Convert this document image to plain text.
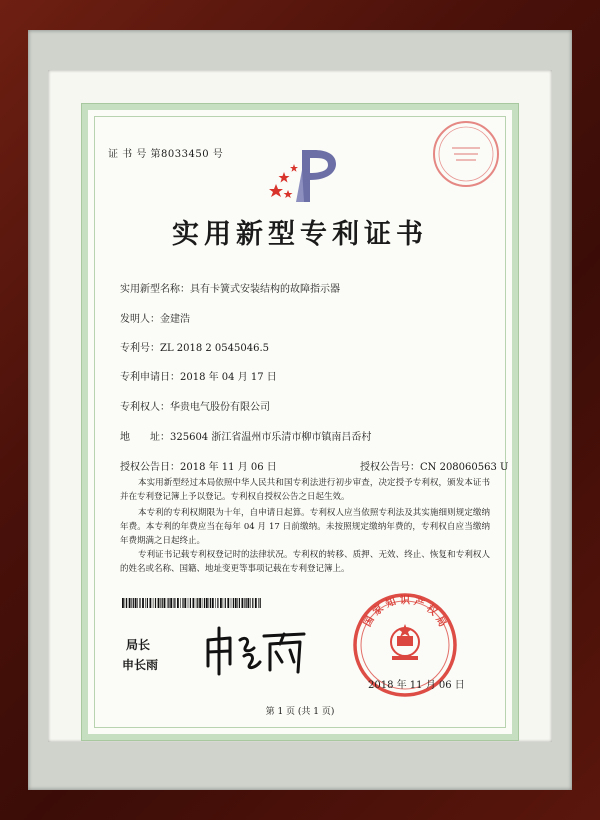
证 书 号 第8033450 号
实用新型专利证书
实用新型名称：具有卡簧式安装结构的故障指示器
发明人：金建浩
专利号：ZL 2018 2 0545046.5
专利申请日：2018 年 04 月 17 日
专利权人：华贵电气股份有限公司
地　　址：325604 浙江省温州市乐清市柳市镇南吕岙村
授权公告日：2018 年 11 月 06 日	授权公告号：CN 208060563 U

本实用新型经过本局依照中华人民共和国专利法进行初步审查，决定授予专利权，颁发本证书并在专利登记簿上予以登记。专利权自授权公告之日起生效。

本专利的专利权期限为十年，自申请日起算。专利权人应当依照专利法及其实施细则规定缴纳年费。本专利的年费应当在每年 04 月 17 日前缴纳。未按照规定缴纳年费的，专利权自应当缴纳年费期满之日起终止。

专利证书记载专利权登记时的法律状况。专利权的转移、质押、无效、终止、恢复和专利权人的姓名或名称、国籍、地址变更等事项记载在专利登记簿上。

局长
申长雨
国 家 知 识 产 权 局
2018 年 11 月 06 日
第 1 页 (共 1 页)
